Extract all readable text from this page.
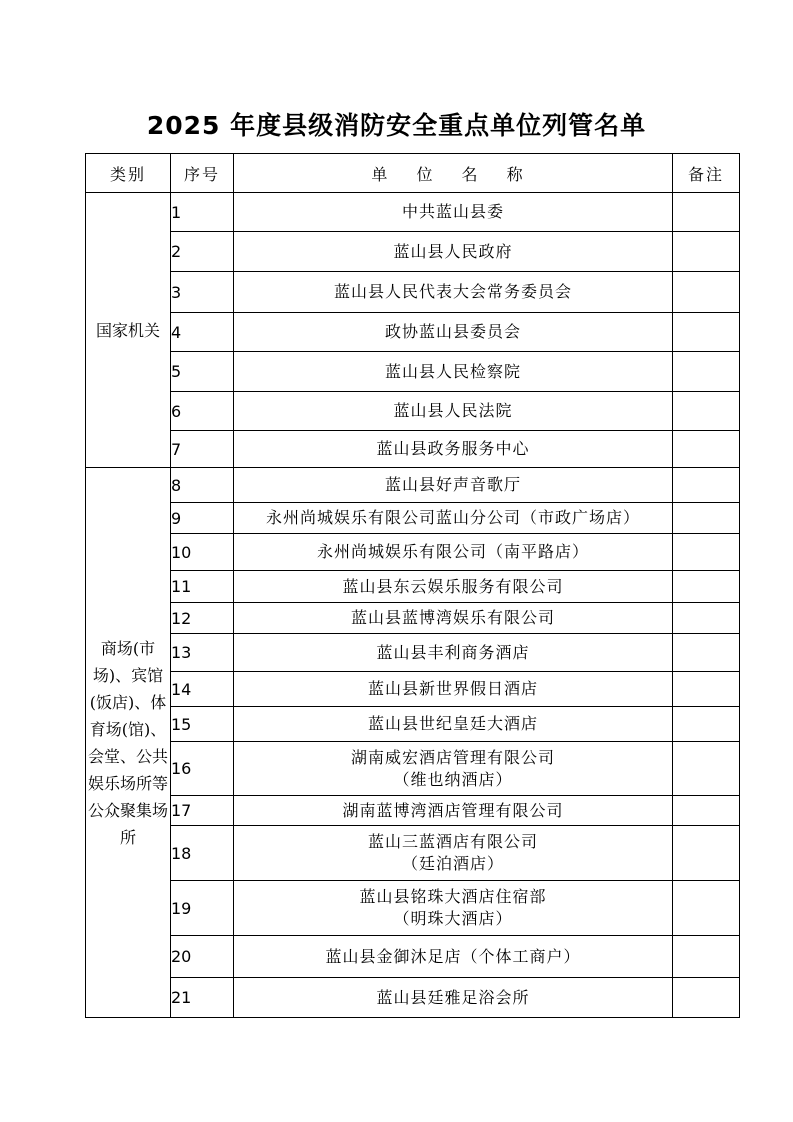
2025 年度县级消防安全重点单位列管名单
类别	序号	单 位 名 称	备注
国家机关	1	中共蓝山县委	

	2	蓝山县人民政府	

	3	蓝山县人民代表大会常务委员会	

	4	政协蓝山县委员会	

	5	蓝山县人民检察院	

	6	蓝山县人民法院	

	7	蓝山县政务服务中心	

商场(市场)、宾馆(饭店)、体育场(馆)、会堂、公共娱乐场所等公众聚集场所	8	蓝山县好声音歌厅	

	9	永州尚城娱乐有限公司蓝山分公司（市政广场店）	

	10	永州尚城娱乐有限公司（南平路店）	

	11	蓝山县东云娱乐服务有限公司	

	12	蓝山县蓝博湾娱乐有限公司	

	13	蓝山县丰利商务酒店	

	14	蓝山县新世界假日酒店	

	15	蓝山县世纪皇廷大酒店	

	16	湖南威宏酒店管理有限公司
（维也纳酒店）	

	17	湖南蓝博湾酒店管理有限公司	

	18	蓝山三蓝酒店有限公司
（廷泊酒店）	

	19	蓝山县铭珠大酒店住宿部
（明珠大酒店）	

	20	蓝山县金御沐足店（个体工商户）	

	21	蓝山县廷雅足浴会所	
